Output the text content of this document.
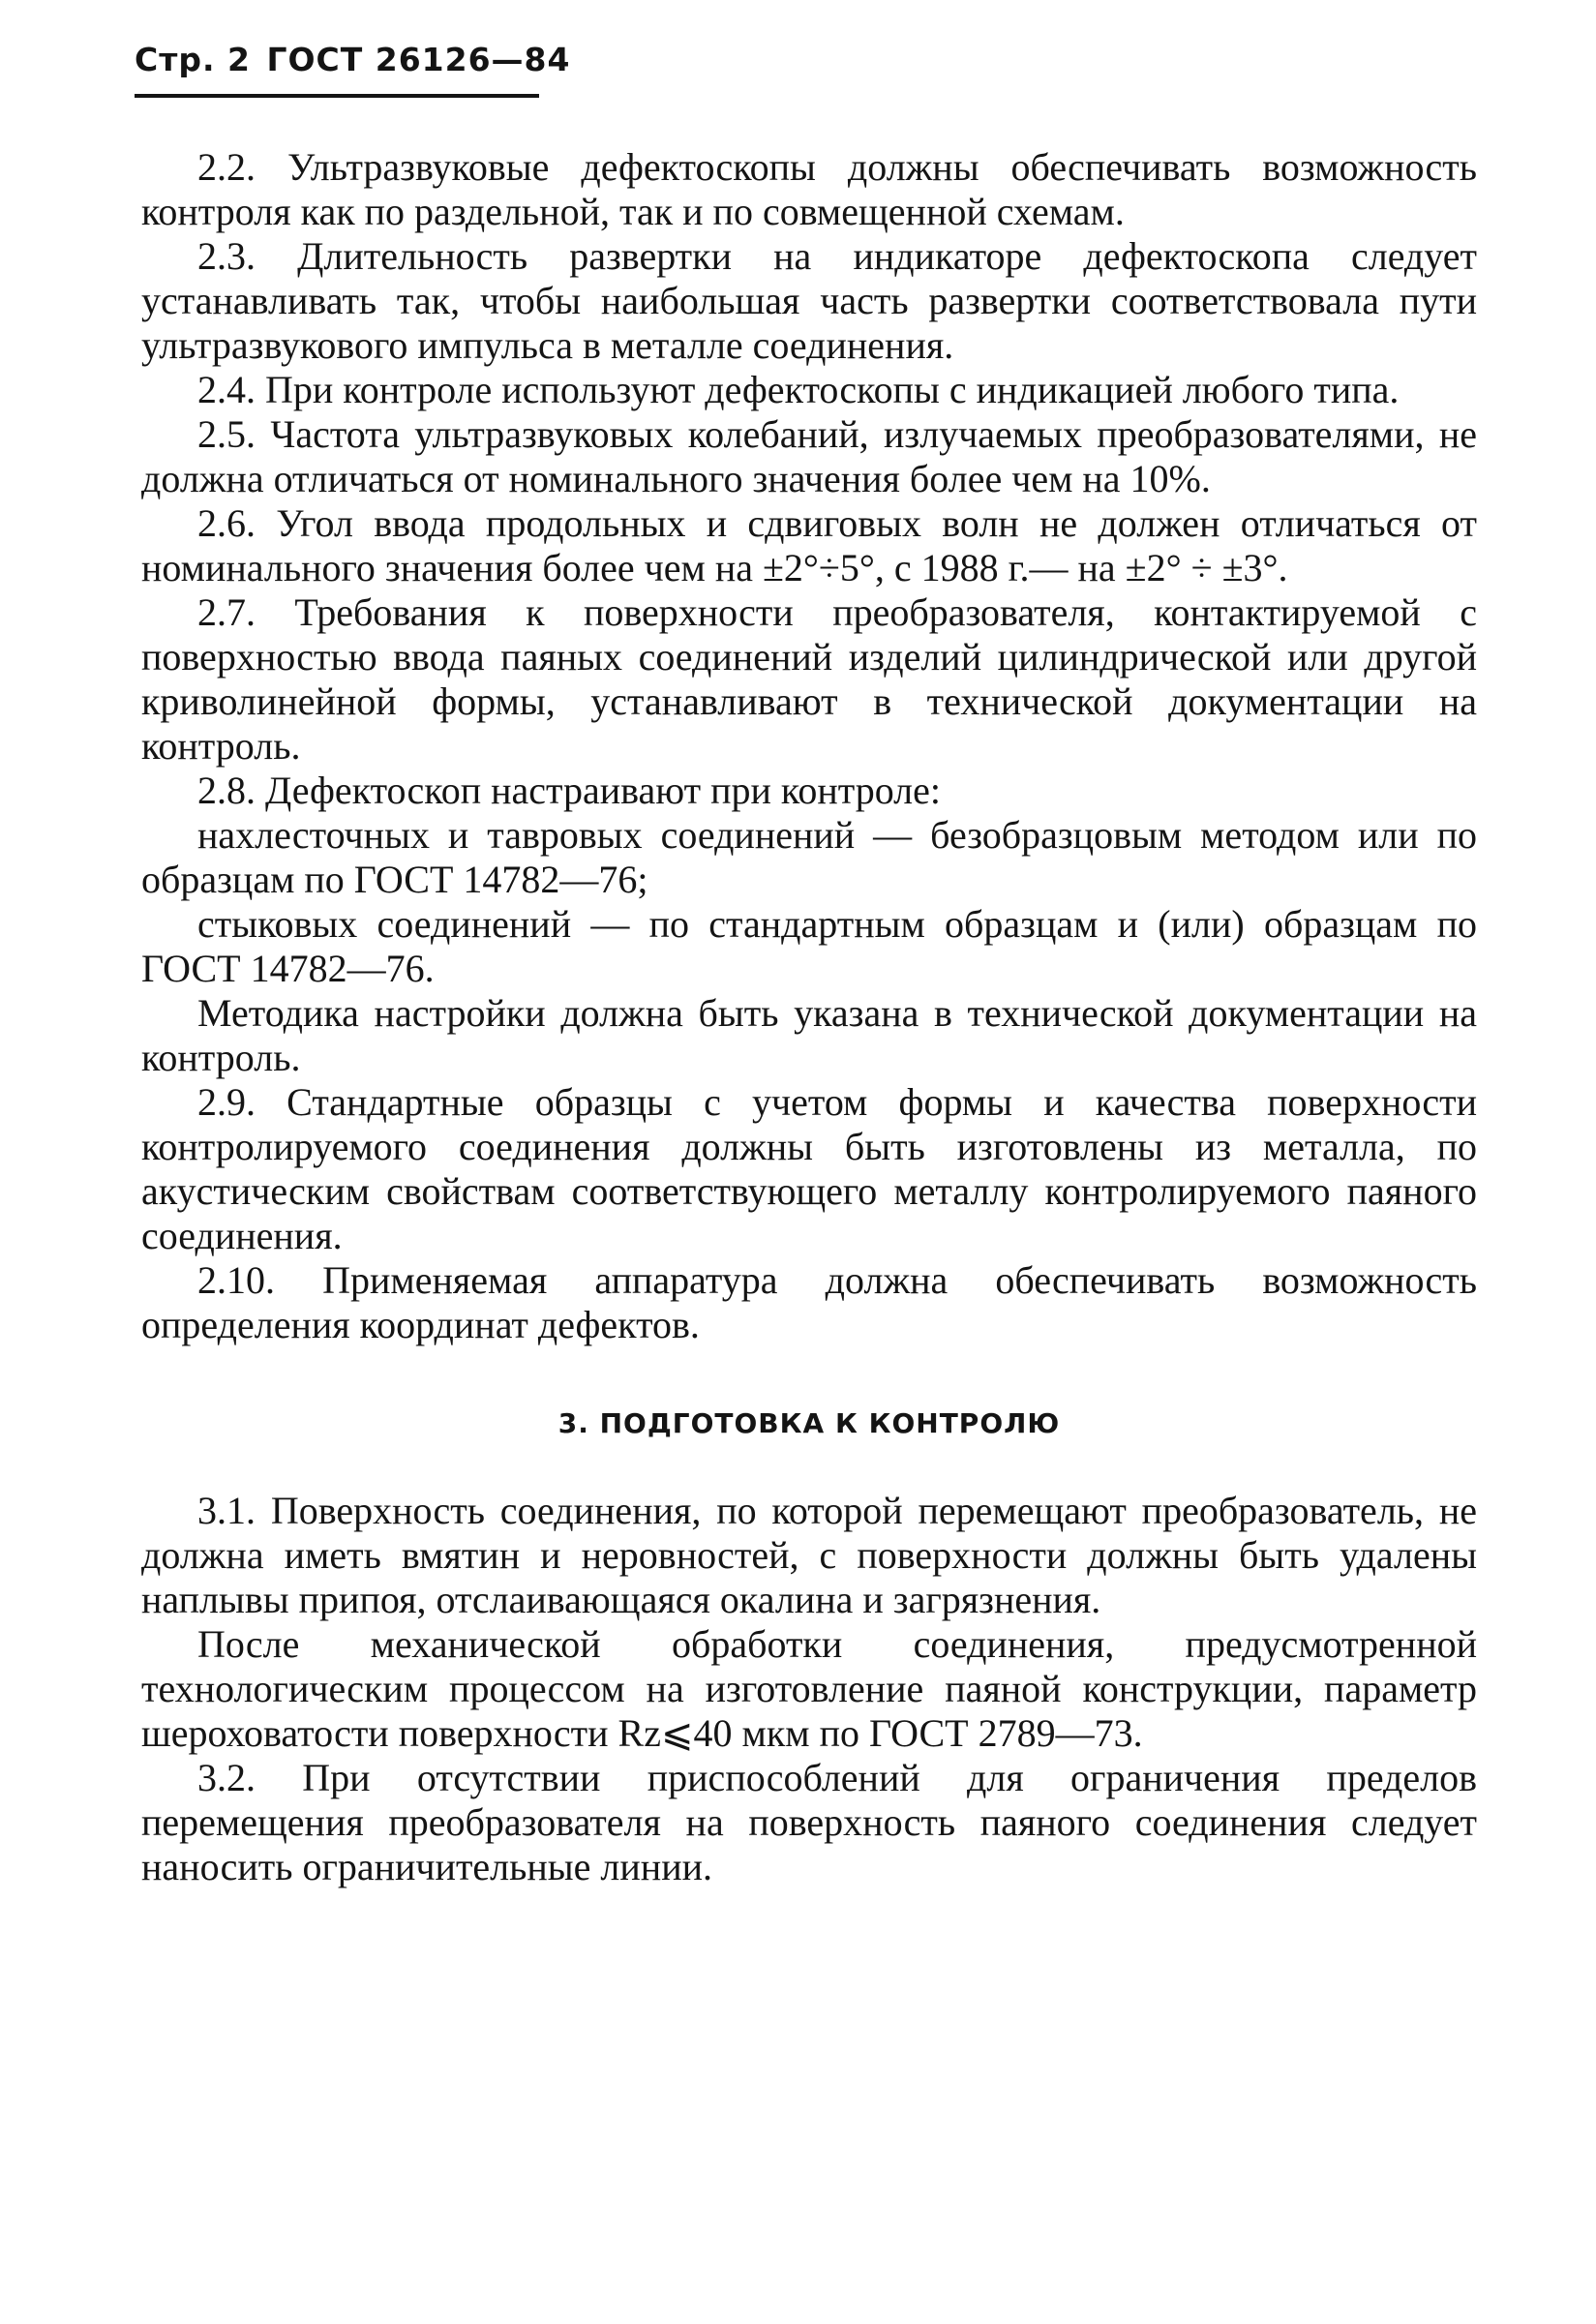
Стр. 2 ГОСТ 26126—84

2.2. Ультразвуковые дефектоскопы должны обеспечивать возможность контроля как по раздельной, так и по совмещенной схемам.

2.3. Длительность развертки на индикаторе дефектоскопа следует устанавливать так, чтобы наибольшая часть развертки соответствовала пути ультразвукового импульса в металле соединения.

2.4. При контроле используют дефектоскопы с индикацией любого типа.

2.5. Частота ультразвуковых колебаний, излучаемых преобразователями, не должна отличаться от номинального значения более чем на 10%.

2.6. Угол ввода продольных и сдвиговых волн не должен отличаться от номинального значения более чем на ±2°÷5°, с 1988 г.— на ±2° ÷ ±3°.

2.7. Требования к поверхности преобразователя, контактируемой с поверхностью ввода паяных соединений изделий цилиндрической или другой криволинейной формы, устанавливают в технической документации на контроль.

2.8. Дефектоскоп настраивают при контроле:

нахлесточных и тавровых соединений — безобразцовым методом или по образцам по ГОСТ 14782—76;

стыковых соединений — по стандартным образцам и (или) образцам по ГОСТ 14782—76.

Методика настройки должна быть указана в технической документации на контроль.

2.9. Стандартные образцы с учетом формы и качества поверхности контролируемого соединения должны быть изготовлены из металла, по акустическим свойствам соответствующего металлу контролируемого паяного соединения.

2.10. Применяемая аппаратура должна обеспечивать возможность определения координат дефектов.

3. ПОДГОТОВКА К КОНТРОЛЮ

3.1. Поверхность соединения, по которой перемещают преобразователь, не должна иметь вмятин и неровностей, с поверхности должны быть удалены наплывы припоя, отслаивающаяся окалина и загрязнения.

После механической обработки соединения, предусмотренной технологическим процессом на изготовление паяной конструкции, параметр шероховатости поверхности Rz⩽40 мкм по ГОСТ 2789—73.

3.2. При отсутствии приспособлений для ограничения пределов перемещения преобразователя на поверхность паяного соединения следует наносить ограничительные линии.
